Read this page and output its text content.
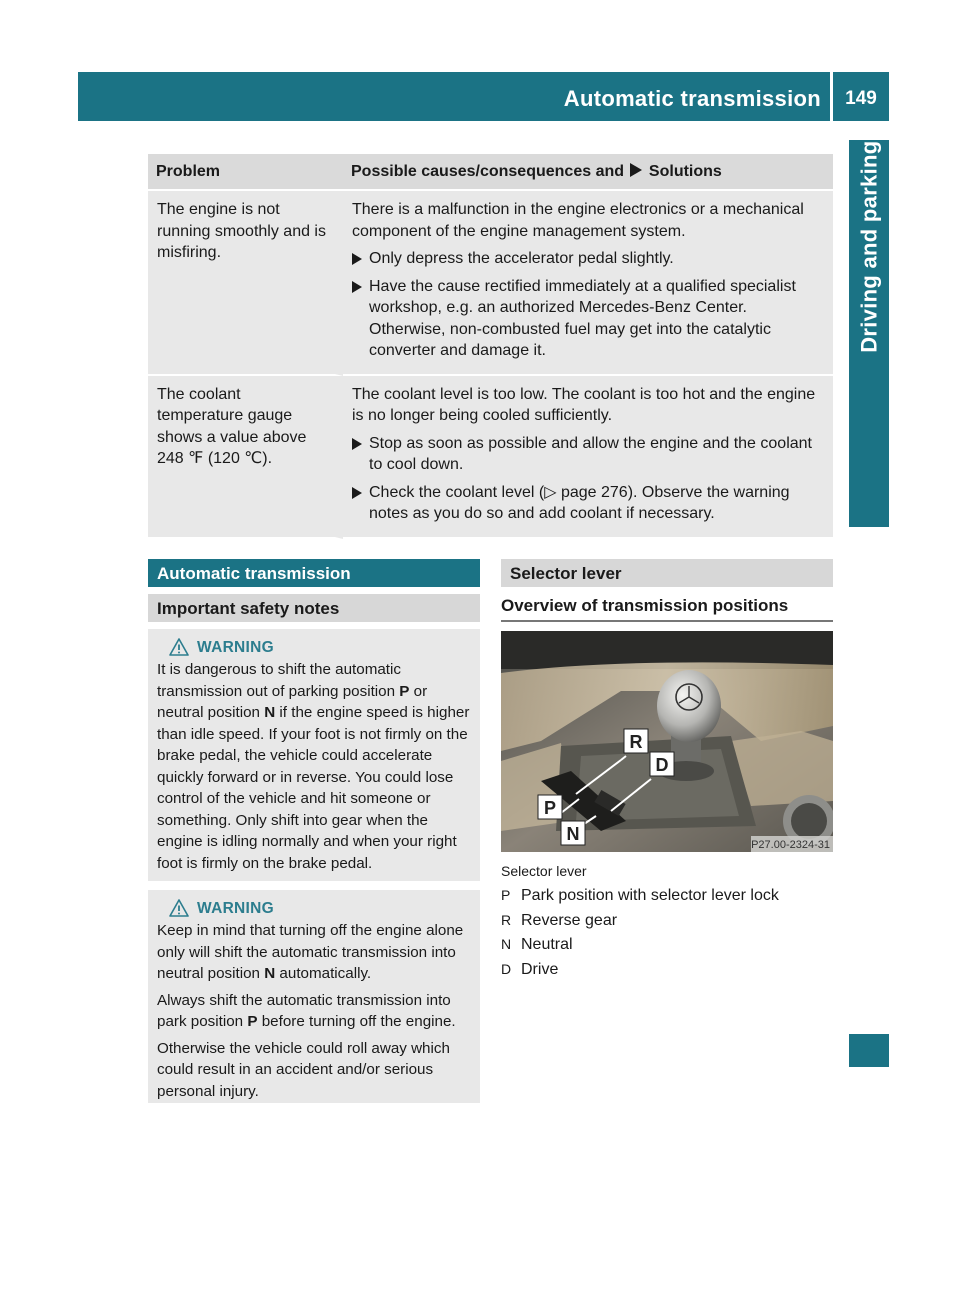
Automatic transmission	149
Driving and parking
Problem	Possible causes/consequences and Solutions
The engine is not running smoothly and is misfiring.	There is a malfunction in the engine electronics or a mechanical component of the engine management system.
Only depress the accelerator pedal slightly.
Have the cause rectified immediately at a qualified specialist workshop, e.g. an authorized Mercedes-Benz Center. Otherwise, non-combusted fuel may get into the catalytic converter and damage it.

The coolant temperature gauge shows a value above 248 ℉ (120 ℃).	The coolant level is too low. The coolant is too hot and the engine is no longer being cooled sufficiently.
Stop as soon as possible and allow the engine and the coolant to cool down.
Check the coolant level (▷ page 276). Observe the warning notes as you do so and add coolant if necessary.
Automatic transmission
Important safety notes
WARNING
It is dangerous to shift the automatic transmission out of parking position P or neutral position N if the engine speed is higher than idle speed. If your foot is not firmly on the brake pedal, the vehicle could accelerate quickly forward or in reverse. You could lose control of the vehicle and hit someone or something. Only shift into gear when the engine is idling normally and when your right foot is firmly on the brake pedal.
WARNING
Keep in mind that turning off the engine alone only will shift the automatic transmission into neutral position N automatically.
Always shift the automatic transmission into park position P before turning off the engine.
Otherwise the vehicle could roll away which could result in an accident and/or serious personal injury.
Selector lever
Overview of transmission positions
R
D
P
N
P27.00-2324-31
Selector lever
P Park position with selector lever lock
R Reverse gear
N Neutral
D Drive
